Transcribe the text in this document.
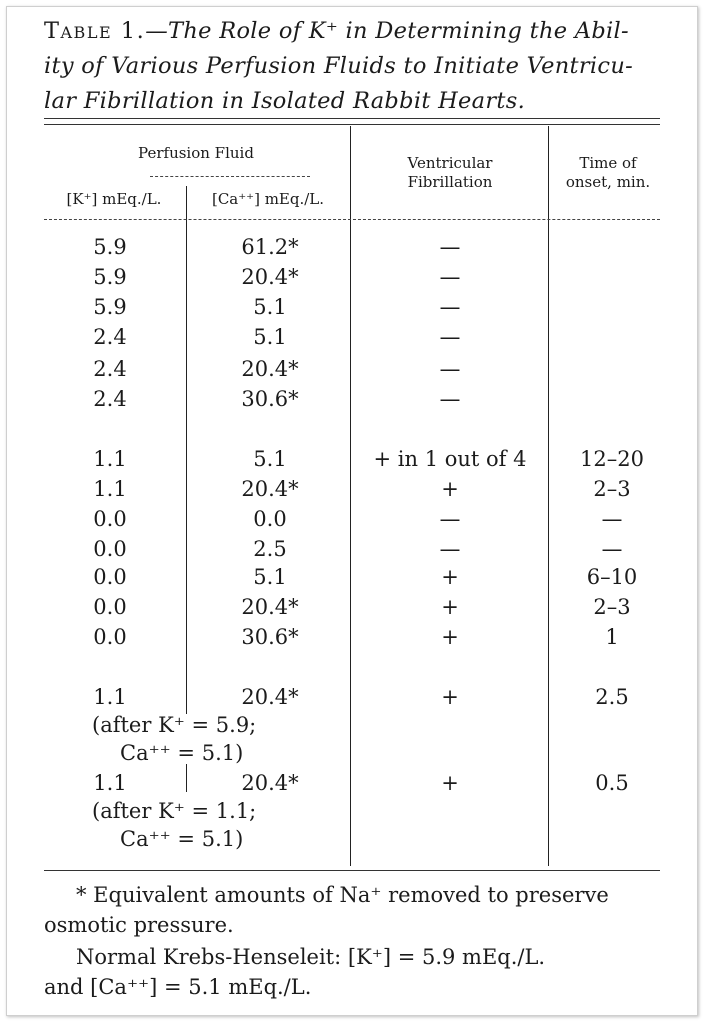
Table 1.—The Role of K⁺ in Determining the Abil-
ity of Various Perfusion Fluids to Initiate Ventricu-
lar Fibrillation in Isolated Rabbit Hearts.
Perfusion Fluid
[K⁺] mEq./L.	[Ca⁺⁺] mEq./L.
Ventricular Fibrillation
Time of onset, min.
5.9	61.2*	—
5.9	20.4*	—
5.9	5.1	—
2.4	5.1	—
2.4	20.4*	—
2.4	30.6*	—
1.1	5.1	+ in 1 out of 4	12–20
1.1	20.4*	+	2–3
0.0	0.0	—	—
0.0	2.5	—	—
0.0	5.1	+	6–10
0.0	20.4*	+	2–3
0.0	30.6*	+	1
1.1	20.4*	+	2.5
(after K⁺ = 5.9;
Ca⁺⁺ = 5.1)
1.1	20.4*	+	0.5
(after K⁺ = 1.1;
Ca⁺⁺ = 5.1)
* Equivalent amounts of Na⁺ removed to preserve
osmotic pressure.
Normal Krebs-Henseleit: [K⁺] = 5.9 mEq./L.
and [Ca⁺⁺] = 5.1 mEq./L.
